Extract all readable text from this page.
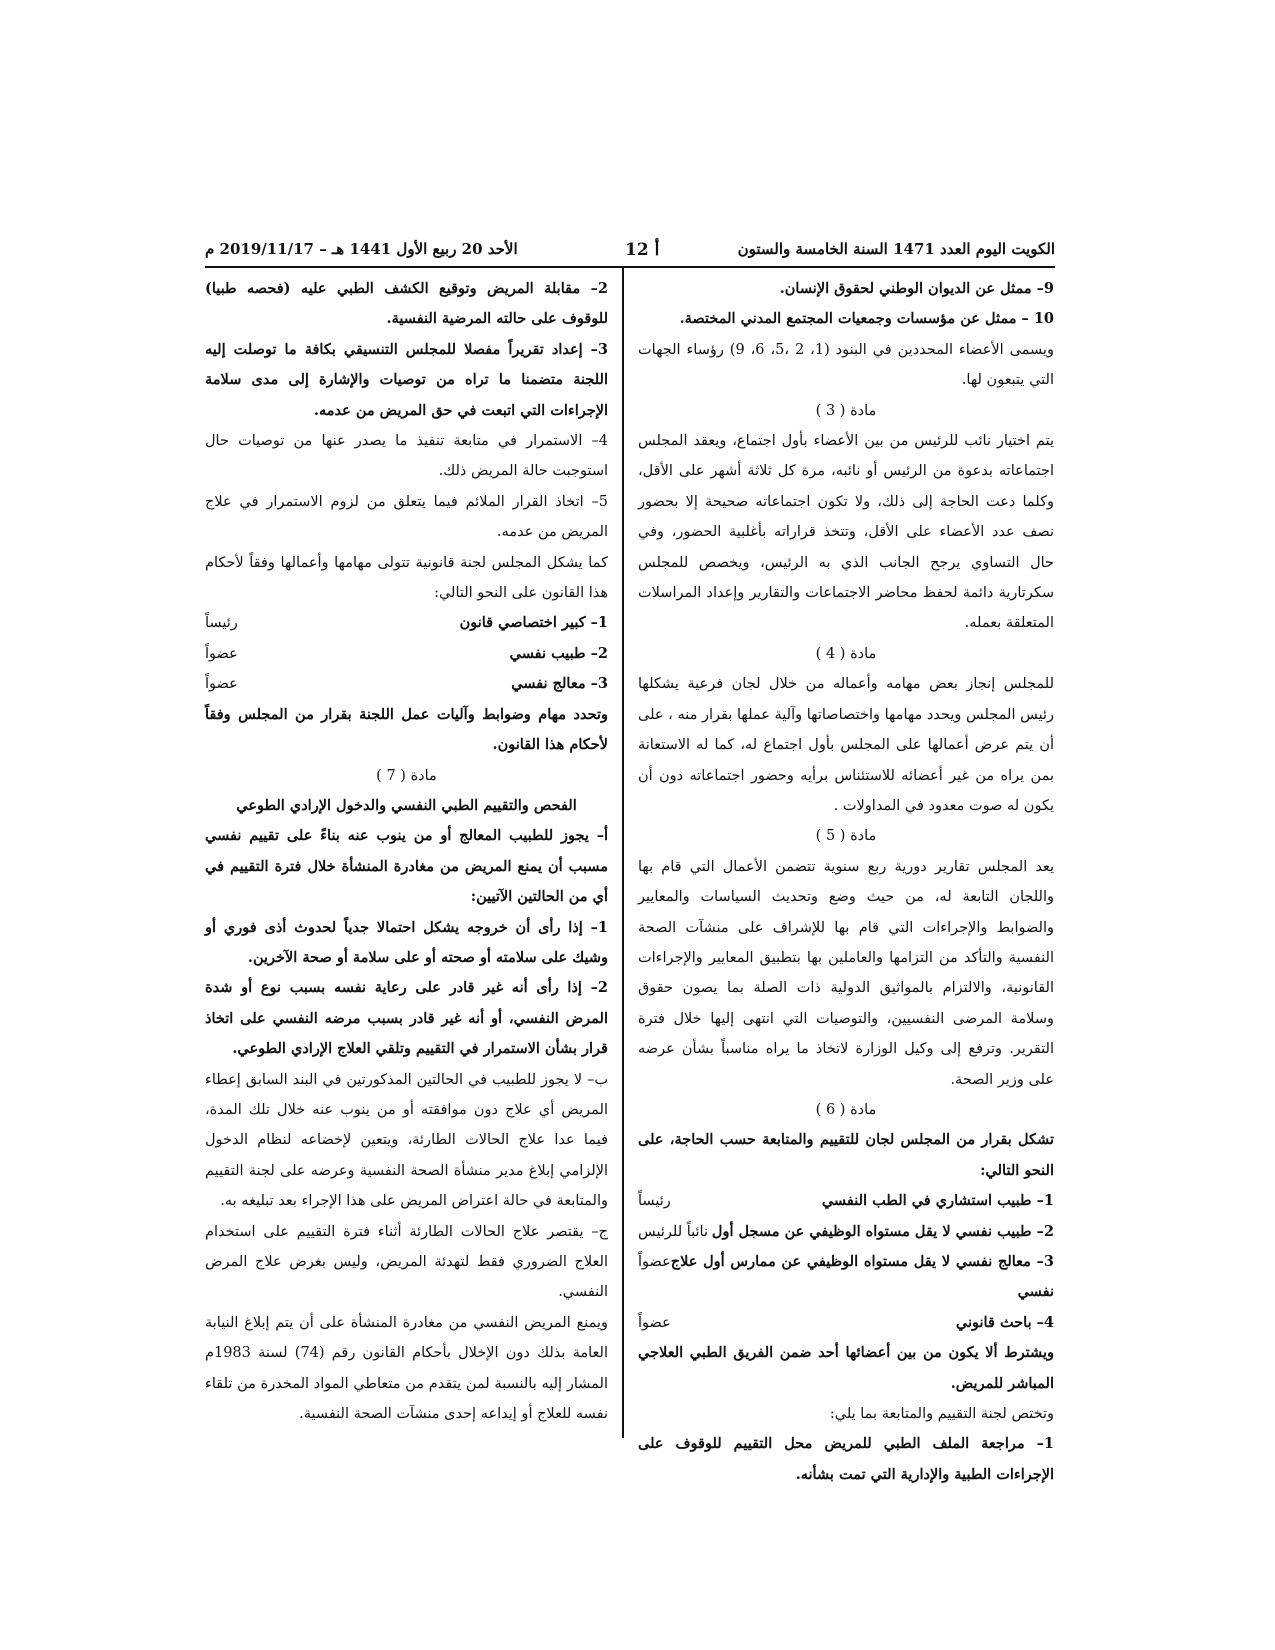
الكويت اليوم العدد 1471 السنة الخامسة والستون
أ 12
الأحد 20 ربيع الأول 1441 هـ – 2019/11/17 م

9– ممثل عن الديوان الوطني لحقوق الإنسان.

10 – ممثل عن مؤسسات وجمعيات المجتمع المدني المختصة.

ويسمى الأعضاء المحددين في البنود (1، 2 ،5، 6، 9) رؤساء الجهات التي يتبعون لها.

مادة ( 3 )

يتم اختيار نائب للرئيس من بين الأعضاء بأول اجتماع، ويعقد المجلس اجتماعاته بدعوة من الرئيس أو نائبه، مرة كل ثلاثة أشهر على الأقل، وكلما دعت الحاجة إلى ذلك، ولا تكون اجتماعاته صحيحة إلا بحضور نصف عدد الأعضاء على الأقل، وتتخذ قراراته بأغلبية الحضور، وفي حال التساوي يرجح الجانب الذي به الرئيس، ويخصص للمجلس سكرتارية دائمة لحفظ محاضر الاجتماعات والتقارير وإعداد المراسلات المتعلقة بعمله.

مادة ( 4 )

للمجلس إنجاز بعض مهامه وأعماله من خلال لجان فرعية يشكلها رئيس المجلس ويحدد مهامها واختصاصاتها وآلية عملها بقرار منه ، على أن يتم عرض أعمالها على المجلس بأول اجتماع له، كما له الاستعانة بمن يراه من غير أعضائه للاستئناس برأيه وحضور اجتماعاته دون أن يكون له صوت معدود في المداولات .

مادة ( 5 )

يعد المجلس تقارير دورية ربع سنوية تتضمن الأعمال التي قام بها واللجان التابعة له، من حيث وضع وتحديث السياسات والمعايير والضوابط والإجراءات التي قام بها للإشراف على منشآت الصحة النفسية والتأكد من التزامها والعاملين بها بتطبيق المعايير والإجراءات القانونية، والالتزام بالمواثيق الدولية ذات الصلة بما يصون حقوق وسلامة المرضى النفسيين، والتوصيات التي انتهى إليها خلال فترة التقرير. وترفع إلى وكيل الوزارة لاتخاذ ما يراه مناسباً بشأن عرضه على وزير الصحة.

مادة ( 6 )

تشكل بقرار من المجلس لجان للتقييم والمتابعة حسب الحاجة، على النحو التالي:

1– طبيب استشاري في الطب النفسي
رئيساً
2– طبيب نفسي لا يقل مستواه الوظيفي عن مسجل أول
نائباً للرئيس
3– معالج نفسي لا يقل مستواه الوظيفي عن ممارس أول علاج نفسي
عضواً
4– باحث قانوني
عضواً

ويشترط ألا يكون من بين أعضائها أحد ضمن الفريق الطبي العلاجي المباشر للمريض.

وتختص لجنة التقييم والمتابعة بما يلي:

1– مراجعة الملف الطبي للمريض محل التقييم للوقوف على الإجراءات الطبية والإدارية التي تمت بشأنه.

2– مقابلة المريض وتوقيع الكشف الطبي عليه (فحصه طبيا) للوقوف على حالته المرضية النفسية.

3– إعداد تقريراً مفصلا للمجلس التنسيقي بكافة ما توصلت إليه اللجنة متضمنا ما تراه من توصيات والإشارة إلى مدى سلامة الإجراءات التي اتبعت في حق المريض من عدمه.

4– الاستمرار في متابعة تنفيذ ما يصدر عنها من توصيات حال استوجبت حالة المريض ذلك.

5– اتخاذ القرار الملائم فيما يتعلق من لزوم الاستمرار في علاج المريض من عدمه.

كما يشكل المجلس لجنة قانونية تتولى مهامها وأعمالها وفقاً لأحكام هذا القانون على النحو التالي:

1– كبير اختصاصي قانون
رئيساً
2– طبيب نفسي
عضواً
3– معالج نفسي
عضواً

وتحدد مهام وضوابط وآليات عمل اللجنة بقرار من المجلس وفقاً لأحكام هذا القانون.

مادة ( 7 )

الفحص والتقييم الطبي النفسي والدخول الإرادي الطوعي

أ– يجوز للطبيب المعالج أو من ينوب عنه بناءً على تقييم نفسي مسبب أن يمنع المريض من مغادرة المنشأة خلال فترة التقييم في أي من الحالتين الآتيين:

1– إذا رأى أن خروجه يشكل احتمالا جدياً لحدوث أذى فوري أو وشيك على سلامته أو صحته أو على سلامة أو صحة الآخرين.

2– إذا رأى أنه غير قادر على رعاية نفسه بسبب نوع أو شدة المرض النفسي، أو أنه غير قادر بسبب مرضه النفسي على اتخاذ قرار بشأن الاستمرار في التقييم وتلقي العلاج الإرادي الطوعي.

ب– لا يجوز للطبيب في الحالتين المذكورتين في البند السابق إعطاء المريض أي علاج دون موافقته أو من ينوب عنه خلال تلك المدة، فيما عدا علاج الحالات الطارئة، ويتعين لإخضاعه لنظام الدخول الإلزامي إبلاغ مدير منشأة الصحة النفسية وعرضه على لجنة التقييم والمتابعة في حالة اعتراض المريض على هذا الإجراء بعد تبليغه به.

ج– يقتصر علاج الحالات الطارئة أثناء فترة التقييم على استخدام العلاج الضروري فقط لتهدئة المريض، وليس بغرض علاج المرض النفسي.

ويمنع المريض النفسي من مغادرة المنشأة على أن يتم إبلاغ النيابة العامة بذلك دون الإخلال بأحكام القانون رقم (74) لسنة 1983م المشار إليه بالنسبة لمن يتقدم من متعاطي المواد المخدرة من تلقاء نفسه للعلاج أو إيداعه إحدى منشآت الصحة النفسية.
